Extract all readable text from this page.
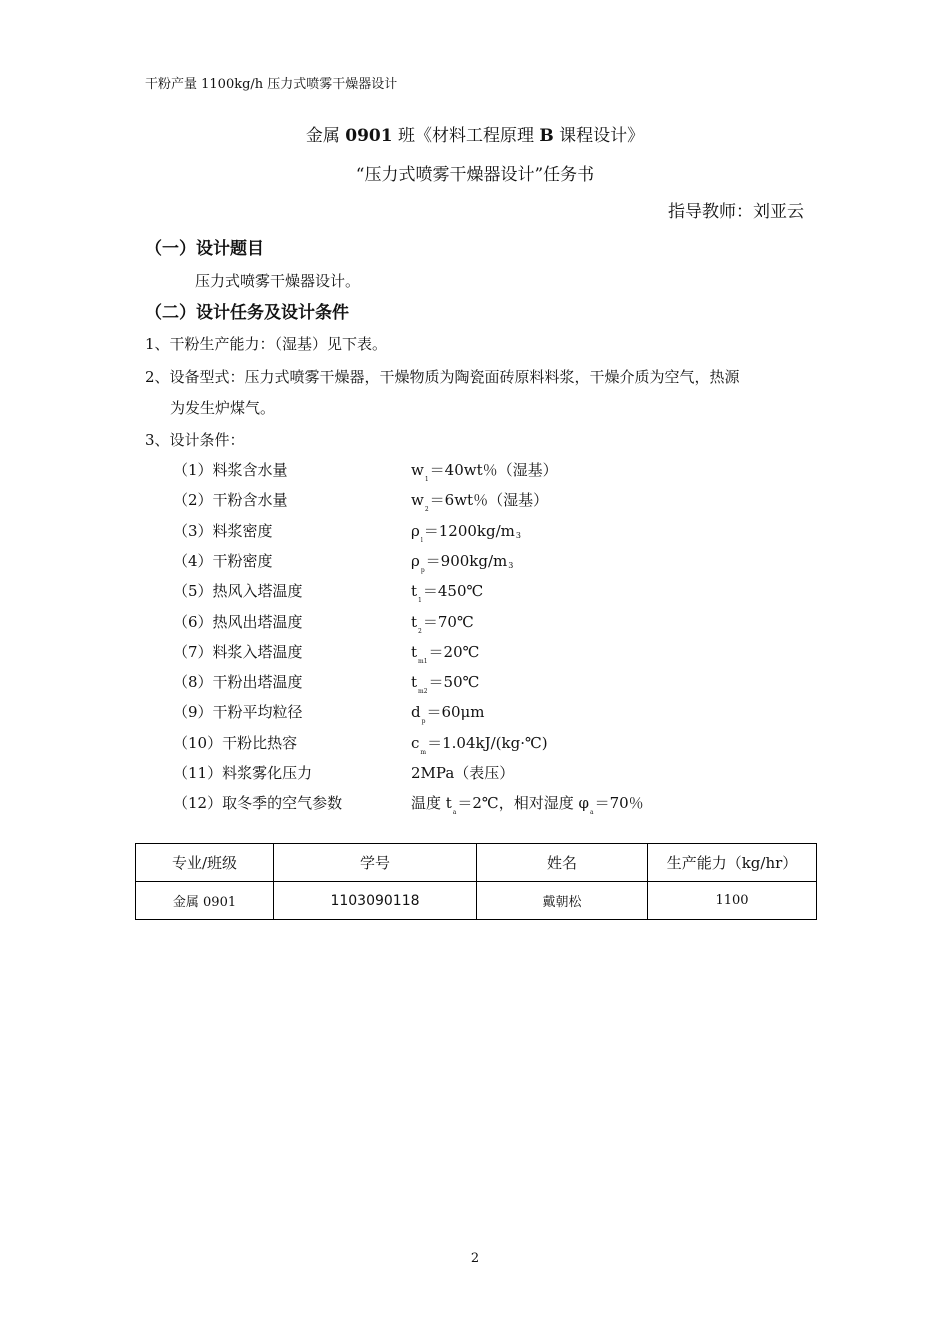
干粉产量 1100kg/h 压力式喷雾干燥器设计
金属 0901 班《材料工程原理 B 课程设计》
“压力式喷雾干燥器设计”任务书
指导教师：刘亚云
（一）设计题目
压力式喷雾干燥器设计。
（二）设计任务及设计条件
1、干粉生产能力：（湿基）见下表。
2、设备型式：压力式喷雾干燥器，干燥物质为陶瓷面砖原料料浆，干燥介质为空气，热源
为发生炉煤气。
3、设计条件：
（1）料浆含水量	$w_1=40wt$％（湿基）
（2）干粉含水量	$w_2=6wt$％（湿基）
（3）料浆密度	$\rho_l=1200kg/m^3$
（4）干粉密度	$\rho_p=900kg/m^3$
（5）热风入塔温度	$t_1=450℃$
（6）热风出塔温度	$t_2=70℃$
（7）料浆入塔温度	$t_{m1}=20℃$
（8）干粉出塔温度	$t_{m2}=50℃$
（9）干粉平均粒径	$d_p=60\mu m$
（10）干粉比热容	$c_m=1.04kJ/(kg\cdot℃)$
（11）料浆雾化压力	2MPa（表压）
（12）取冬季的空气参数	温度 $t_a=2℃$，相对湿度 $\varphi_a=70$％
专业/班级	学号	姓名	生产能力（kg/hr）
金属 0901	1103090118	戴朝松	1100
2
